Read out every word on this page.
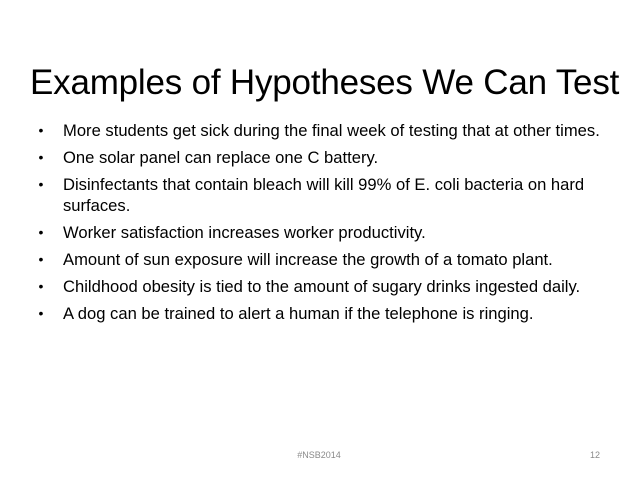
Examples of Hypotheses We Can Test
• More students get sick during the final week of testing that at other times.
• One solar panel can replace one C battery.
• Disinfectants that contain bleach will kill 99% of E. coli bacteria on hard surfaces.
• Worker satisfaction increases worker productivity.
• Amount of sun exposure will increase the growth of a tomato plant.
• Childhood obesity is tied to the amount of sugary drinks ingested daily.
• A dog can be trained to alert a human if the telephone is ringing.
#NSB2014	12
